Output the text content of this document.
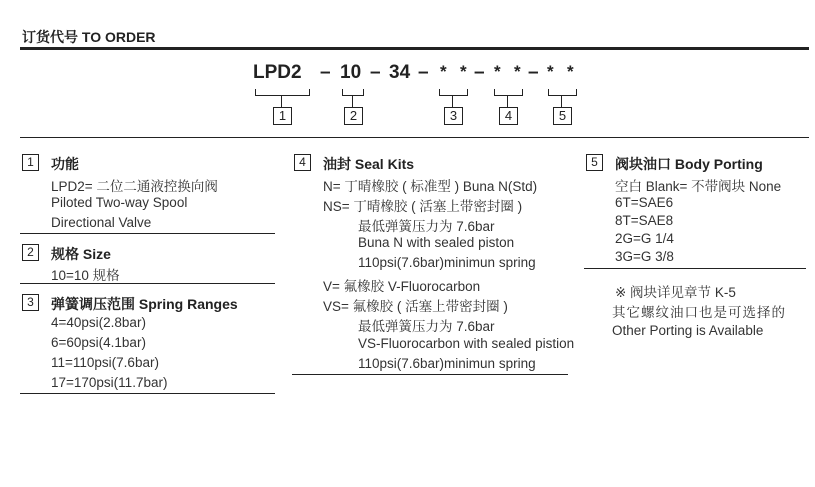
订货代号 TO ORDER
LPD2 – 10 – 34 – * * – * * – * *
1	2	3	4	5
1	功能
LPD2= 二位二通液控换向阀
Piloted Two-way Spool
Directional Valve
2	规格 Size
10=10 规格
3	弹簧调压范围 Spring Ranges
4=40psi(2.8bar)
6=60psi(4.1bar)
11=110psi(7.6bar)
17=170psi(11.7bar)
4	油封 Seal Kits
N= 丁晴橡胶 ( 标准型 ) Buna N(Std)
NS= 丁晴橡胶 ( 活塞上带密封圈 )
最低弹簧压力为 7.6bar
Buna N with sealed piston
110psi(7.6bar)minimun spring
V= 氟橡胶 V-Fluorocarbon
VS= 氟橡胶 ( 活塞上带密封圈 )
最低弹簧压力为 7.6bar
VS-Fluorocarbon with sealed pistion
110psi(7.6bar)minimun spring
5	阀块油口 Body Porting
空白 Blank= 不带阀块 None
6T=SAE6
8T=SAE8
2G=G 1/4
3G=G 3/8
※ 阀块详见章节 K-5
其它螺纹油口也是可选择的
Other Porting is Available
